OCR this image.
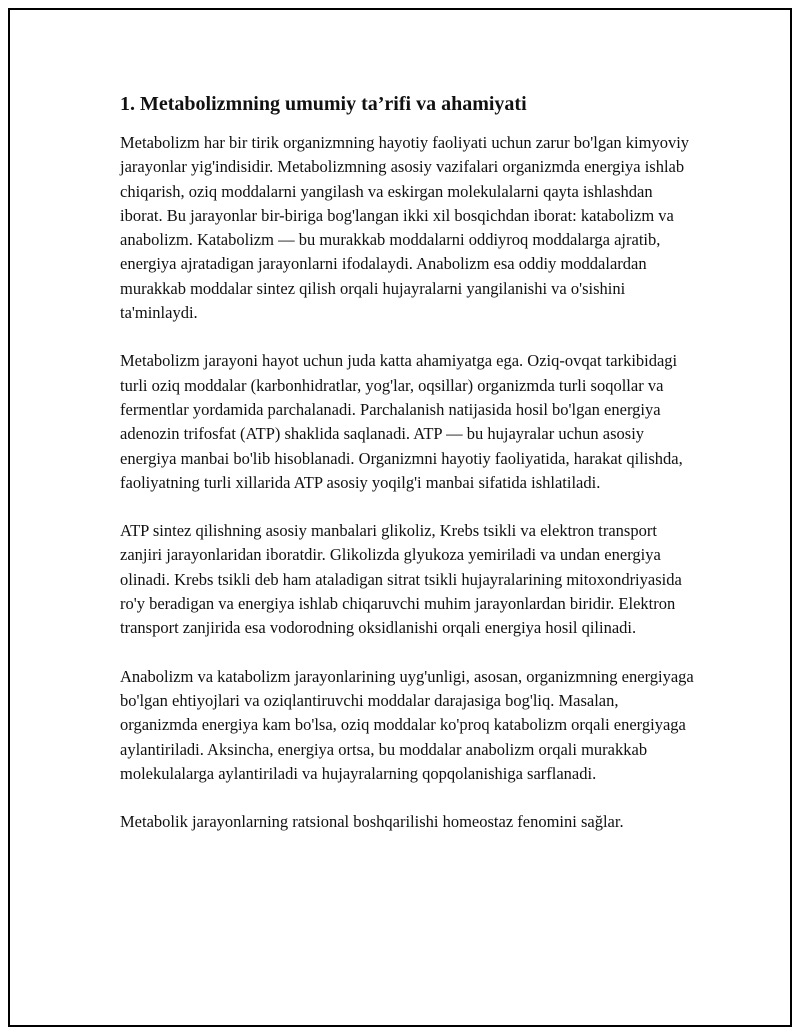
1. Metabolizmning umumiy ta’rifi va ahamiyati

Metabolizm har bir tirik organizmning hayotiy faoliyati uchun zarur bo'lgan kimyoviy jarayonlar yig'indisidir. Metabolizmning asosiy vazifalari organizmda energiya ishlab chiqarish, oziq moddalarni yangilash va eskirgan molekulalarni qayta ishlashdan iborat. Bu jarayonlar bir-biriga bog'langan ikki xil bosqichdan iborat: katabolizm va anabolizm. Katabolizm — bu murakkab moddalarni oddiyroq moddalarga ajratib, energiya ajratadigan jarayonlarni ifodalaydi. Anabolizm esa oddiy moddalardan murakkab moddalar sintez qilish orqali hujayralarni yangilanishi va o'sishini ta'minlaydi.

Metabolizm jarayoni hayot uchun juda katta ahamiyatga ega. Oziq-ovqat tarkibidagi turli oziq moddalar (karbonhidratlar, yog'lar, oqsillar) organizmda turli soqollar va fermentlar yordamida parchalanadi. Parchalanish natijasida hosil bo'lgan energiya adenozin trifosfat (ATP) shaklida saqlanadi. ATP — bu hujayralar uchun asosiy energiya manbai bo'lib hisoblanadi. Organizmni hayotiy faoliyatida, harakat qilishda, faoliyatning turli xillarida ATP asosiy yoqilg'i manbai sifatida ishlatiladi.

ATP sintez qilishning asosiy manbalari glikoliz, Krebs tsikli va elektron transport zanjiri jarayonlaridan iboratdir. Glikolizda glyukoza yemiriladi va undan energiya olinadi. Krebs tsikli deb ham ataladigan sitrat tsikli hujayralarining mitoxondriyasida ro'y beradigan va energiya ishlab chiqaruvchi muhim jarayonlardan biridir. Elektron transport zanjirida esa vodorodning oksidlanishi orqali energiya hosil qilinadi.

Anabolizm va katabolizm jarayonlarining uyg'unligi, asosan, organizmning energiyaga bo'lgan ehtiyojlari va oziqlantiruvchi moddalar darajasiga bog'liq. Masalan, organizmda energiya kam bo'lsa, oziq moddalar ko'proq katabolizm orqali energiyaga aylantiriladi. Aksincha, energiya ortsa, bu moddalar anabolizm orqali murakkab molekulalarga aylantiriladi va hujayralarning qopqolanishiga sarflanadi.

Metabolik jarayonlarning ratsional boshqarilishi homeostaz fenomini sağlar.
